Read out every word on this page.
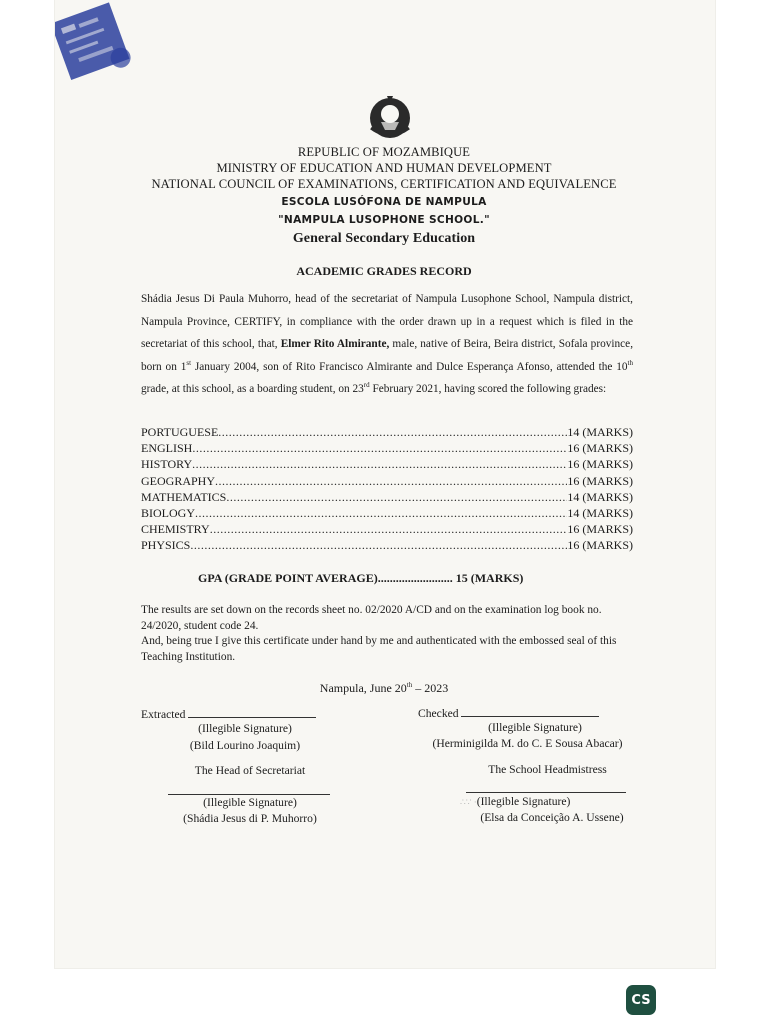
REPUBLIC OF MOZAMBIQUE
MINISTRY OF EDUCATION AND HUMAN DEVELOPMENT
NATIONAL COUNCIL OF EXAMINATIONS, CERTIFICATION AND EQUIVALENCE
ESCOLA LUSÓFONA DE NAMPULA
"NAMPULA LUSOPHONE SCHOOL."
General Secondary Education
ACADEMIC GRADES RECORD
Shádia Jesus Di Paula Muhorro, head of the secretariat of Nampula Lusophone School, Nampula district, Nampula Province, CERTIFY, in compliance with the order drawn up in a request which is filed in the secretariat of this school, that, Elmer Rito Almirante, male, native of Beira, Beira district, Sofala province, born on 1st January 2004, son of Rito Francisco Almirante and Dulce Esperança Afonso, attended the 10th grade, at this school, as a boarding student, on 23rd February 2021, having scored the following grades:
PORTUGUESE .....	14 (MARKS)
ENGLISH .....	16 (MARKS)
HISTORY .....	16 (MARKS)
GEOGRAPHY .....	16 (MARKS)
MATHEMATICS .....	14 (MARKS)
BIOLOGY .....	14 (MARKS)
CHEMISTRY .....	16 (MARKS)
PHYSICS .....	16 (MARKS)
GPA (GRADE POINT AVERAGE)......................... 15 (MARKS)
The results are set down on the records sheet no. 02/2020 A/CD and on the examination log book no. 24/2020, student code 24.
And, being true I give this certificate under hand by me and authenticated with the embossed seal of this Teaching Institution.
Nampula, June 20th – 2023
Extracted
(Illegible Signature)
(Bild Lourino Joaquim)
Checked
(Illegible Signature)
(Herminigilda M. do C. E Sousa Abacar)
The Head of Secretariat
(Illegible Signature)
(Shádia Jesus di P. Muhorro)
The School Headmistress
∴∵ ·(Illegible Signature)
(Elsa da Conceição A. Ussene)
CS
